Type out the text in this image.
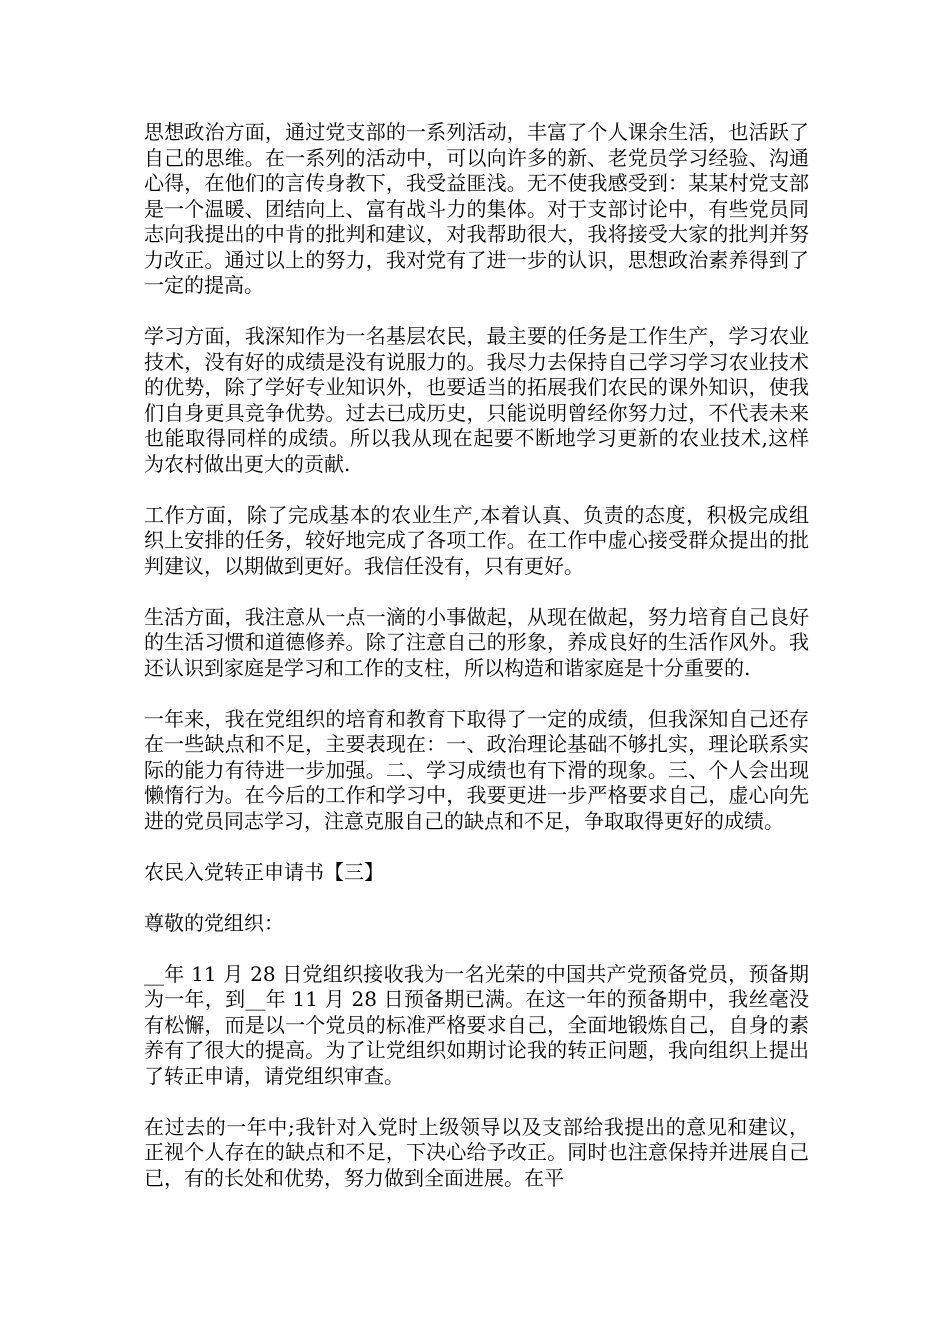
思想政治方面，通过党支部的一系列活动，丰富了个人课余生活，也活跃了自己的思维。在一系列的活动中，可以向许多的新、老党员学习经验、沟通心得，在他们的言传身教下，我受益匪浅。无不使我感受到：某某村党支部是一个温暖、团结向上、富有战斗力的集体。对于支部讨论中，有些党员同志向我提出的中肯的批判和建议，对我帮助很大，我将接受大家的批判并努力改正。通过以上的努力，我对党有了进一步的认识，思想政治素养得到了一定的提高。

学习方面，我深知作为一名基层农民，最主要的任务是工作生产，学习农业技术，没有好的成绩是没有说服力的。我尽力去保持自己学习学习农业技术的优势，除了学好专业知识外，也要适当的拓展我们农民的课外知识，使我们自身更具竞争优势。过去已成历史，只能说明曾经你努力过，不代表未来也能取得同样的成绩。所以我从现在起要不断地学习更新的农业技术,这样为农村做出更大的贡献.

工作方面，除了完成基本的农业生产,本着认真、负责的态度，积极完成组织上安排的任务，较好地完成了各项工作。在工作中虚心接受群众提出的批判建议，以期做到更好。我信任没有，只有更好。

生活方面，我注意从一点一滴的小事做起，从现在做起，努力培育自己良好的生活习惯和道德修养。除了注意自己的形象，养成良好的生活作风外。我还认识到家庭是学习和工作的支柱，所以构造和谐家庭是十分重要的.

一年来，我在党组织的培育和教育下取得了一定的成绩，但我深知自己还存在一些缺点和不足，主要表现在：一、政治理论基础不够扎实，理论联系实际的能力有待进一步加强。二、学习成绩也有下滑的现象。三、个人会出现懒惰行为。在今后的工作和学习中，我要更进一步严格要求自己，虚心向先进的党员同志学习，注意克服自己的缺点和不足，争取取得更好的成绩。

农民入党转正申请书【三】

尊敬的党组织：

__年 11 月 28 日党组织接收我为一名光荣的中国共产党预备党员，预备期为一年，到__年 11 月 28 日预备期已满。在这一年的预备期中，我丝毫没有松懈，而是以一个党员的标准严格要求自己，全面地锻炼自己，自身的素养有了很大的提高。为了让党组织如期讨论我的转正问题，我向组织上提出了转正申请，请党组织审查。

在过去的一年中;我针对入党时上级领导以及支部给我提出的意见和建议，正视个人存在的缺点和不足，下决心给予改正。同时也注意保持并进展自己已，有的长处和优势，努力做到全面进展。在平
